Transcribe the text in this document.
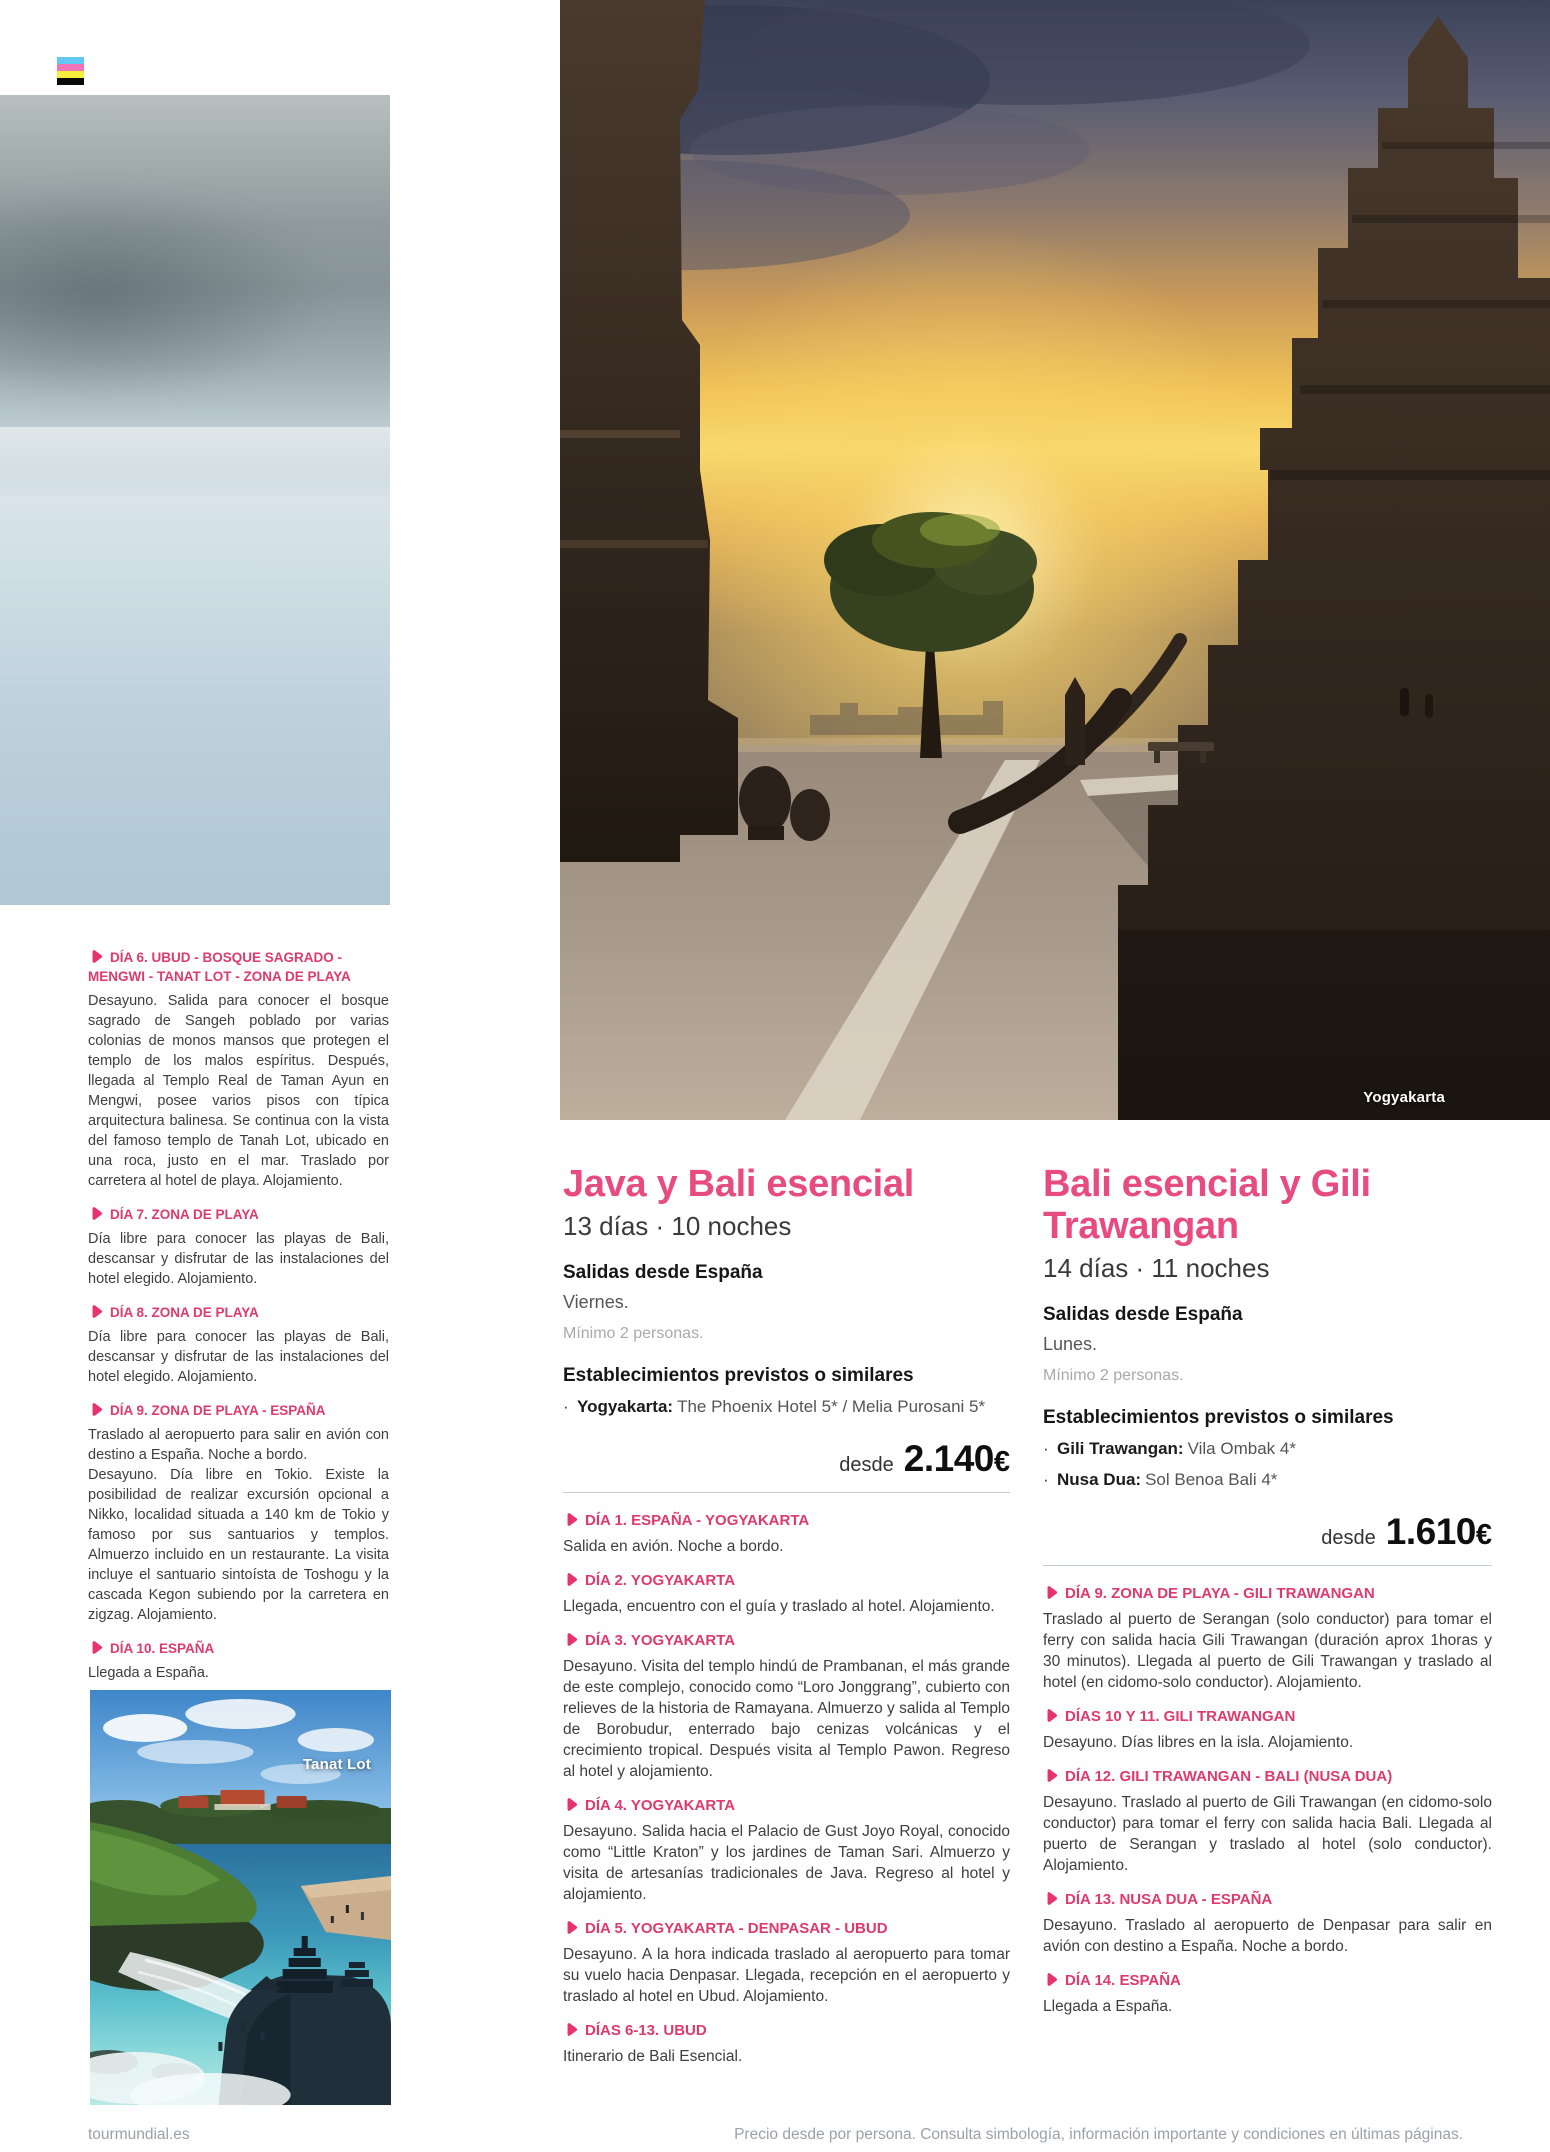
Yogyakarta
DÍA 6. UBUD - BOSQUE SAGRADO - MENGWI - TANAT LOT - ZONA DE PLAYA

Desayuno. Salida para conocer el bosque sagrado de Sangeh poblado por varias colonias de monos mansos que protegen el templo de los malos espíritus. Después, llegada al Templo Real de Taman Ayun en Mengwi, posee varios pisos con típica arquitectura balinesa. Se continua con la vista del famoso templo de Tanah Lot, ubicado en una roca, justo en el mar. Traslado por carretera al hotel de playa. Alojamiento.

DÍA 7. ZONA DE PLAYA

Día libre para conocer las playas de Bali, descansar y disfrutar de las instalaciones del hotel elegido. Alojamiento.

DÍA 8. ZONA DE PLAYA

Día libre para conocer las playas de Bali, descansar y disfrutar de las instalaciones del hotel elegido. Alojamiento.

DÍA 9. ZONA DE PLAYA - ESPAÑA

Traslado al aeropuerto para salir en avión con destino a España. Noche a bordo.

Desayuno. Día libre en Tokio. Existe la posibilidad de realizar excursión opcional a Nikko, localidad situada a 140 km de Tokio y famoso por sus santuarios y templos. Almuerzo incluido en un restaurante. La visita incluye el santuario sintoísta de Toshogu y la cascada Kegon subiendo por la carretera en zigzag. Alojamiento.

DÍA 10. ESPAÑA

Llegada a España.

Tanat Lot
Java y Bali esencial
13 días · 10 noches
Salidas desde España
Viernes.
Mínimo 2 personas.
Establecimientos previstos o similares

· Yogyakarta: The Phoenix Hotel 5* / Melia Purosani 5*

desde 2.140€
DÍA 1. ESPAÑA - YOGYAKARTA

Salida en avión. Noche a bordo.

DÍA 2. YOGYAKARTA

Llegada, encuentro con el guía y traslado al hotel. Alojamiento.

DÍA 3. YOGYAKARTA

Desayuno. Visita del templo hindú de Prambanan, el más grande de este complejo, conocido como “Loro Jonggrang”, cubierto con relieves de la historia de Ramayana. Almuerzo y salida al Templo de Borobudur, enterrado bajo cenizas volcánicas y el crecimiento tropical. Después visita al Templo Pawon. Regreso al hotel y alojamiento.

DÍA 4. YOGYAKARTA

Desayuno. Salida hacia el Palacio de Gust Joyo Royal, conocido como “Little Kraton” y los jardines de Taman Sari. Almuerzo y visita de artesanías tradicionales de Java. Regreso al hotel y alojamiento.

DÍA 5. YOGYAKARTA - DENPASAR - UBUD

Desayuno. A la hora indicada traslado al aeropuerto para tomar su vuelo hacia Denpasar. Llegada, recepción en el aeropuerto y traslado al hotel en Ubud. Alojamiento.

DÍAS 6-13. UBUD

Itinerario de Bali Esencial.

Bali esencial y Gili Trawangan
14 días · 11 noches
Salidas desde España
Lunes.
Mínimo 2 personas.
Establecimientos previstos o similares

· Gili Trawangan: Vila Ombak 4*

· Nusa Dua: Sol Benoa Bali 4*

desde 1.610€
DÍA 9. ZONA DE PLAYA - GILI TRAWANGAN

Traslado al puerto de Serangan (solo conductor) para tomar el ferry con salida hacia Gili Trawangan (duración aprox 1horas y 30 minutos). Llegada al puerto de Gili Trawangan y traslado al hotel (en cidomo-solo conductor). Alojamiento.

DÍAS 10 Y 11. GILI TRAWANGAN

Desayuno. Días libres en la isla. Alojamiento.

DÍA 12. GILI TRAWANGAN - BALI (NUSA DUA)

Desayuno. Traslado al puerto de Gili Trawangan (en cidomo-solo conductor) para tomar el ferry con salida hacia Bali. Llegada al puerto de Serangan y traslado al hotel (solo conductor). Alojamiento.

DÍA 13. NUSA DUA - ESPAÑA

Desayuno. Traslado al aeropuerto de Denpasar para salir en avión con destino a España. Noche a bordo.

DÍA 14. ESPAÑA

Llegada a España.

tourmundial.es	Precio desde por persona. Consulta simbología, información importante y condiciones en últimas páginas.
